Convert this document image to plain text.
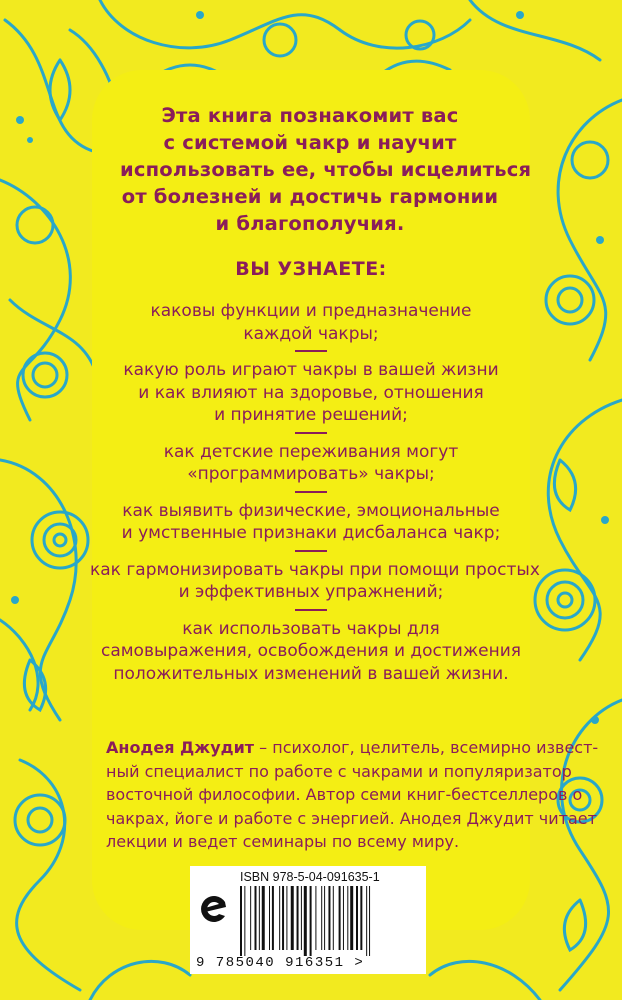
Эта книга познакомит вас
с системой чакр и научит
использовать ее, чтобы исцелиться
от болезней и достичь гармонии
и благополучия.
ВЫ УЗНАЕТЕ:
каковы функции и предназначение
каждой чакры;
какую роль играют чакры в вашей жизни
и как влияют на здоровье, отношения
и принятие решений;
как детские переживания могут
«программировать» чакры;
как выявить физические, эмоциональные
и умственные признаки дисбаланса чакр;
как гармонизировать чакры при помощи простых
и эффективных упражнений;
как использовать чакры для
самовыражения, освобождения и достижения
положительных изменений в вашей жизни.
Анодея Джудит – психолог, целитель, всемирно извест-
ный специалист по работе с чакрами и популяризатор
восточной философии. Автор семи книг-бестселлеров о
чакрах, йоге и работе с энергией. Анодея Джудит читает
лекции и ведет семинары по всему миру.
ISBN 978-5-04-091635-1
9 785040 916351 >
